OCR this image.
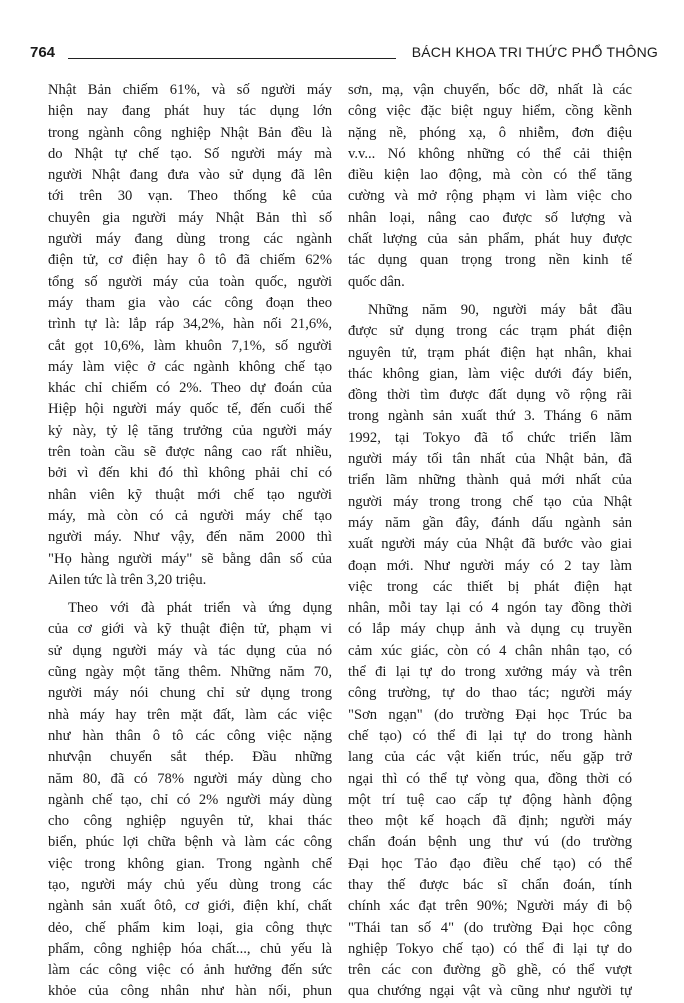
764	BÁCH KHOA TRI THỨC PHỔ THÔNG
Nhật Bản chiếm 61%, và số người máy
hiện nay đang phát huy tác dụng lớn
trong ngành công nghiệp Nhật Bản đều là
do Nhật tự chế tạo. Số người máy mà
người Nhật đang đưa vào sử dụng đã lên
tới trên 30 vạn. Theo thống kê của
chuyên gia người máy Nhật Bản thì số
người máy đang dùng trong các ngành
điện tử, cơ điện hay ô tô đã chiếm 62%
tổng số người máy của toàn quốc, người
máy tham gia vào các công đoạn theo
trình tự là: lắp ráp 34,2%, hàn nối 21,6%,
cắt gọt 10,6%, làm khuôn 7,1%, số người
máy làm việc ở các ngành không chế tạo
khác chỉ chiếm có 2%. Theo dự đoán của
Hiệp hội người máy quốc tế, đến cuối thế
kỷ này, tỷ lệ tăng trưởng của người máy
trên toàn cầu sẽ được nâng cao rất nhiều,
bởi vì đến khi đó thì không phải chỉ có
nhân viên kỹ thuật mới chế tạo người
máy, mà còn có cả người máy chế tạo
người máy. Như vậy, đến năm 2000 thì
"Họ hàng người máy" sẽ bằng dân số của
Ailen tức là trên 3,20 triệu.
Theo với đà phát triển và ứng dụng
của cơ giới và kỹ thuật điện tử, phạm vi
sử dụng người máy và tác dụng của nó
cũng ngày một tăng thêm. Những năm 70,
người máy nói chung chỉ sử dụng trong
nhà máy hay trên mặt đất, làm các việc
như hàn thân ô tô các công việc nặng
nhưvận chuyển sắt thép. Đầu những
năm 80, đã có 78% người máy dùng cho
ngành chế tạo, chỉ có 2% người máy dùng
cho công nghiệp nguyên tử, khai thác
biển, phúc lợi chữa bệnh và làm các công
việc trong không gian. Trong ngành chế
tạo, người máy chủ yếu dùng trong các
ngành sản xuất ôtô, cơ giới, điện khí, chất
dẻo, chế phẩm kim loại, gia công thực
phẩm, công nghiệp hóa chất..., chủ yếu là
làm các công việc có ảnh hưởng đến sức
khỏe của công nhân như hàn nối, phun
sơn, mạ, vận chuyển, bốc dỡ, nhất là các
công việc đặc biệt nguy hiểm, cồng kềnh
nặng nề, phóng xạ, ô nhiễm, đơn điệu
v.v... Nó không những có thể cải thiện
điều kiện lao động, mà còn có thể tăng
cường và mở rộng phạm vi làm việc cho
nhân loại, nâng cao được số lượng và
chất lượng của sản phẩm, phát huy được
tác dụng quan trọng trong nền kinh tế
quốc dân.
Những năm 90, người máy bắt đầu
được sử dụng trong các trạm phát điện
nguyên tử, trạm phát điện hạt nhân, khai
thác không gian, làm việc dưới đáy biển,
đồng thời tìm được đất dụng võ rộng rãi
trong ngành sản xuất thứ 3. Tháng 6 năm
1992, tại Tokyo đã tổ chức triển lãm
người máy tối tân nhất của Nhật bản, đã
triển lãm những thành quả mới nhất của
người máy trong trong chế tạo của Nhật
máy năm gần đây, đánh dấu ngành sản
xuất người máy của Nhật đã bước vào giai
đoạn mới. Như người máy có 2 tay làm
việc trong các thiết bị phát điện hạt
nhân, mỗi tay lại có 4 ngón tay đồng thời
có lắp máy chụp ảnh và dụng cụ truyền
cảm xúc giác, còn có 4 chân nhân tạo, có
thể đi lại tự do trong xưởng máy và trên
công trường, tự do thao tác; người máy
"Sơn ngạn" (do trường Đại học Trúc ba
chế tạo) có thể đi lại tự do trong hành
lang của các vật kiến trúc, nếu gặp trở
ngại thì có thể tự vòng qua, đồng thời có
một trí tuệ cao cấp tự động hành động
theo một kế hoạch đã định; người máy
chẩn đoán bệnh ung thư vú (do trường
Đại học Tảo đạo điều chế tạo) có thể
thay thế được bác sĩ chẩn đoán, tính
chính xác đạt trên 90%; Người máy đi bộ
"Thái tan số 4" (do trường Đại học công
nghiệp Tokyo chế tạo) có thể đi lại tự do
trên các con đường gồ ghề, có thể vượt
qua chướng ngại vật và cũng như người tự
